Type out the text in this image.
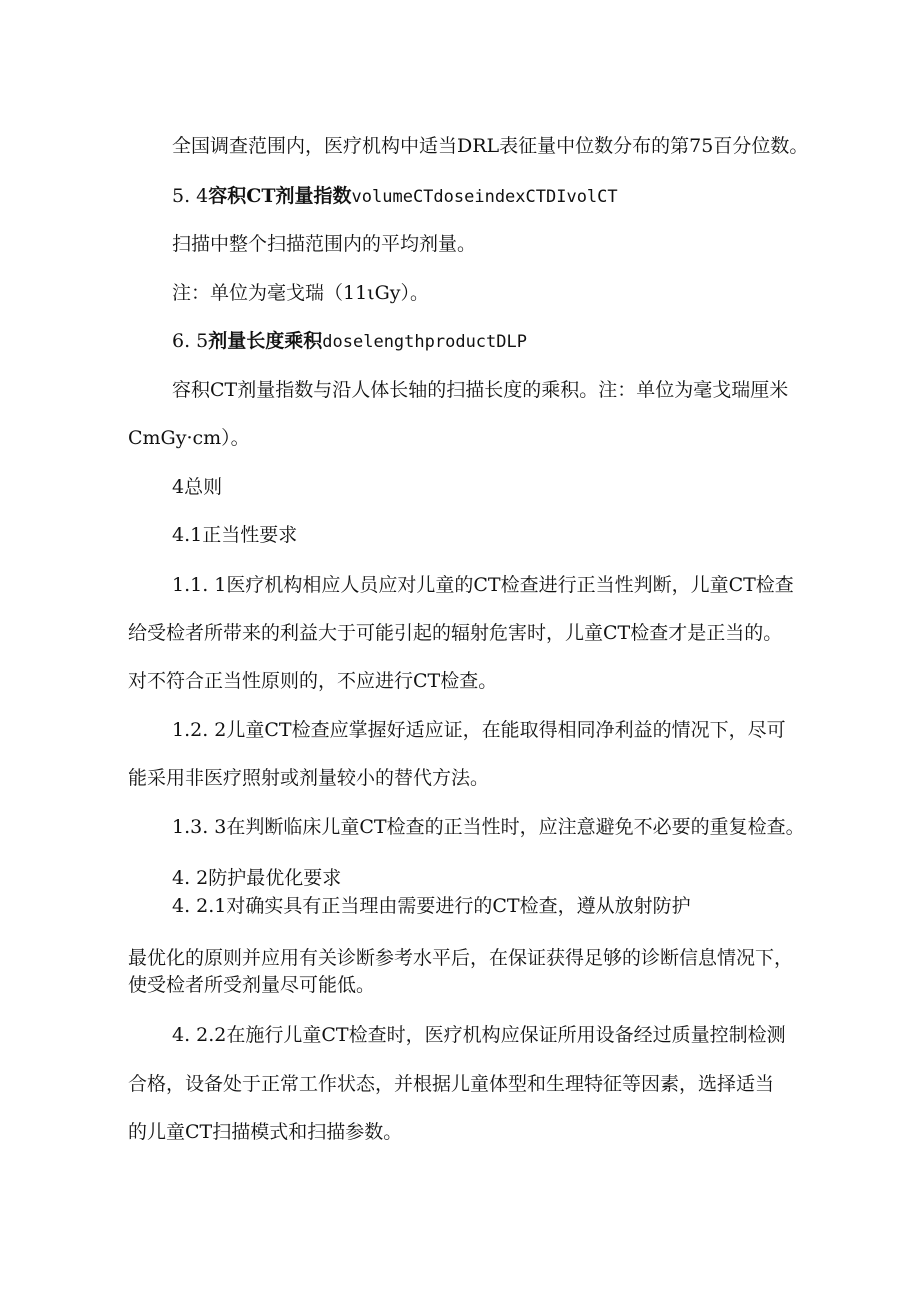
全国调查范围内，医疗机构中适当DRL表征量中位数分布的第75百分位数。
5. 4容积CT剂量指数volumeCTdoseindexCTDIvolCT
扫描中整个扫描范围内的平均剂量。
注：单位为毫戈瑞（11ιGy）。
6. 5剂量长度乘积doselengthproductDLP
容积CT剂量指数与沿人体长轴的扫描长度的乘积。注：单位为毫戈瑞厘米
CmGy·cm）。
4总则
4.1正当性要求
1.1. 1医疗机构相应人员应对儿童的CT检查进行正当性判断，儿童CT检查
给受检者所带来的利益大于可能引起的辐射危害时，儿童CT检查才是正当的。
对不符合正当性原则的，不应进行CT检查。
1.2. 2儿童CT检查应掌握好适应证，在能取得相同净利益的情况下，尽可
能采用非医疗照射或剂量较小的替代方法。
1.3. 3在判断临床儿童CT检查的正当性时，应注意避免不必要的重复检查。
4. 2防护最优化要求
4. 2.1对确实具有正当理由需要进行的CT检查，遵从放射防护
最优化的原则并应用有关诊断参考水平后，在保证获得足够的诊断信息情况下，
使受检者所受剂量尽可能低。
4. 2.2在施行儿童CT检查时，医疗机构应保证所用设备经过质量控制检测
合格，设备处于正常工作状态，并根据儿童体型和生理特征等因素，选择适当
的儿童CT扫描模式和扫描参数。
